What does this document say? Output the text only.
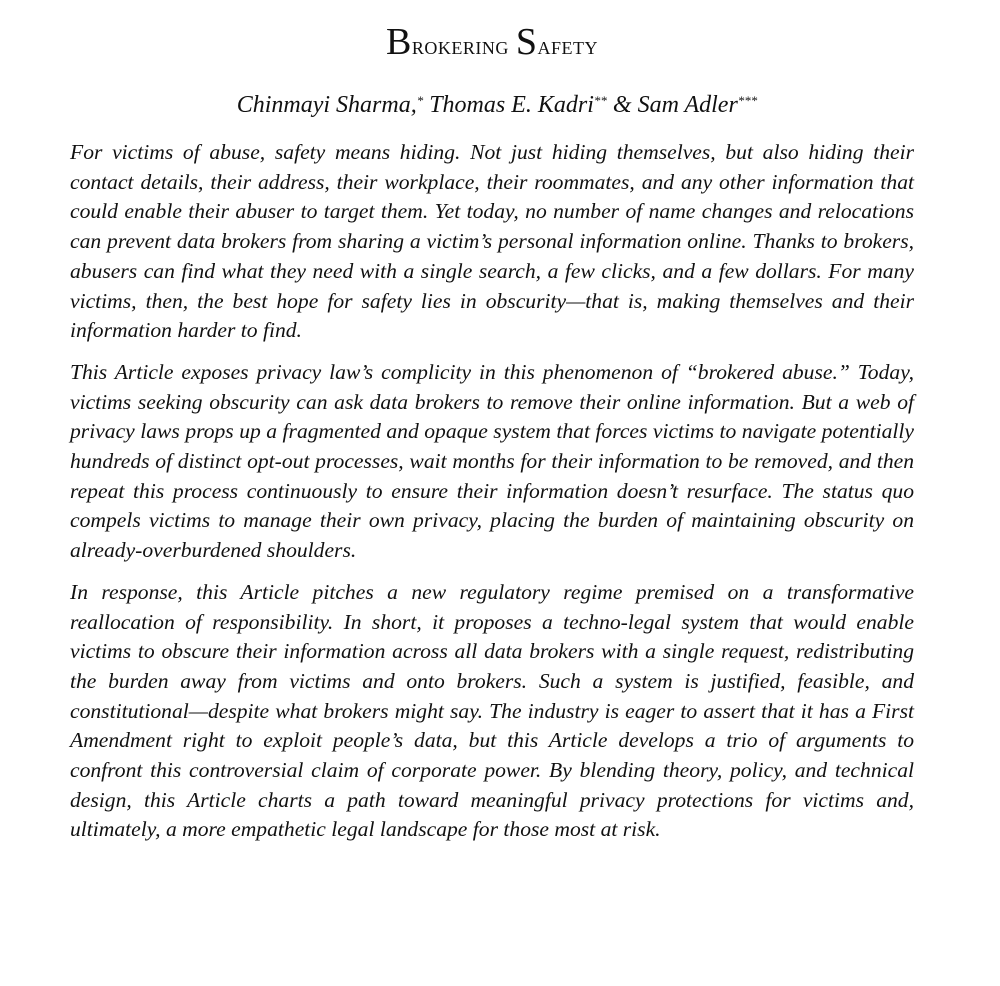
Brokering Safety
Chinmayi Sharma,* Thomas E. Kadri** & Sam Adler***

For victims of abuse, safety means hiding. Not just hiding themselves, but also hiding their contact details, their address, their workplace, their roommates, and any other information that could enable their abuser to target them. Yet today, no number of name changes and relocations can prevent data brokers from sharing a victim’s personal information online. Thanks to brokers, abusers can find what they need with a single search, a few clicks, and a few dollars. For many victims, then, the best hope for safety lies in obscurity—that is, making themselves and their information harder to find.

This Article exposes privacy law’s complicity in this phenomenon of “brokered abuse.” Today, victims seeking obscurity can ask data brokers to remove their online information. But a web of privacy laws props up a fragmented and opaque system that forces victims to navigate potentially hundreds of distinct opt-out processes, wait months for their information to be removed, and then repeat this process continuously to ensure their information doesn’t resurface. The status quo compels victims to manage their own privacy, placing the burden of maintaining obscurity on already-overburdened shoulders.

In response, this Article pitches a new regulatory regime premised on a transformative reallocation of responsibility. In short, it proposes a techno-legal system that would enable victims to obscure their information across all data brokers with a single request, redistributing the burden away from victims and onto brokers. Such a system is justified, feasible, and constitutional—despite what brokers might say. The industry is eager to assert that it has a First Amendment right to exploit people’s data, but this Article develops a trio of arguments to confront this controversial claim of corporate power. By blending theory, policy, and technical design, this Article charts a path toward meaningful privacy protections for victims and, ultimately, a more empathetic legal landscape for those most at risk.
